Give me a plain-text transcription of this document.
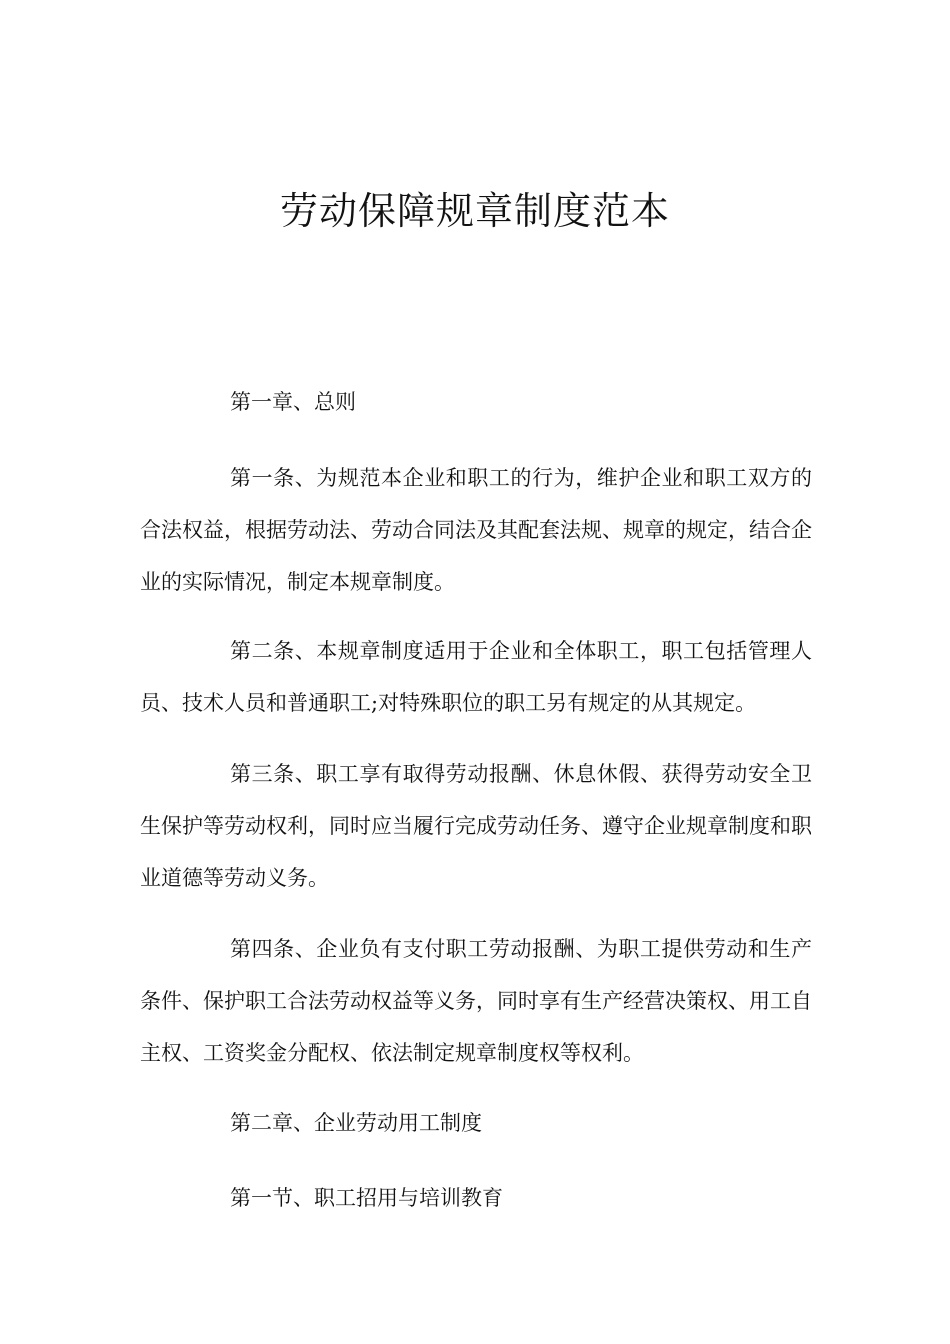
劳动保障规章制度范本

第一章、总则

第一条、为规范本企业和职工的行为，维护企业和职工双方的合法权益，根据劳动法、劳动合同法及其配套法规、规章的规定，结合企业的实际情况，制定本规章制度。

第二条、本规章制度适用于企业和全体职工，职工包括管理人员、技术人员和普通职工;对特殊职位的职工另有规定的从其规定。

第三条、职工享有取得劳动报酬、休息休假、获得劳动安全卫生保护等劳动权利，同时应当履行完成劳动任务、遵守企业规章制度和职业道德等劳动义务。

第四条、企业负有支付职工劳动报酬、为职工提供劳动和生产条件、保护职工合法劳动权益等义务，同时享有生产经营决策权、用工自主权、工资奖金分配权、依法制定规章制度权等权利。

第二章、企业劳动用工制度

第一节、职工招用与培训教育
